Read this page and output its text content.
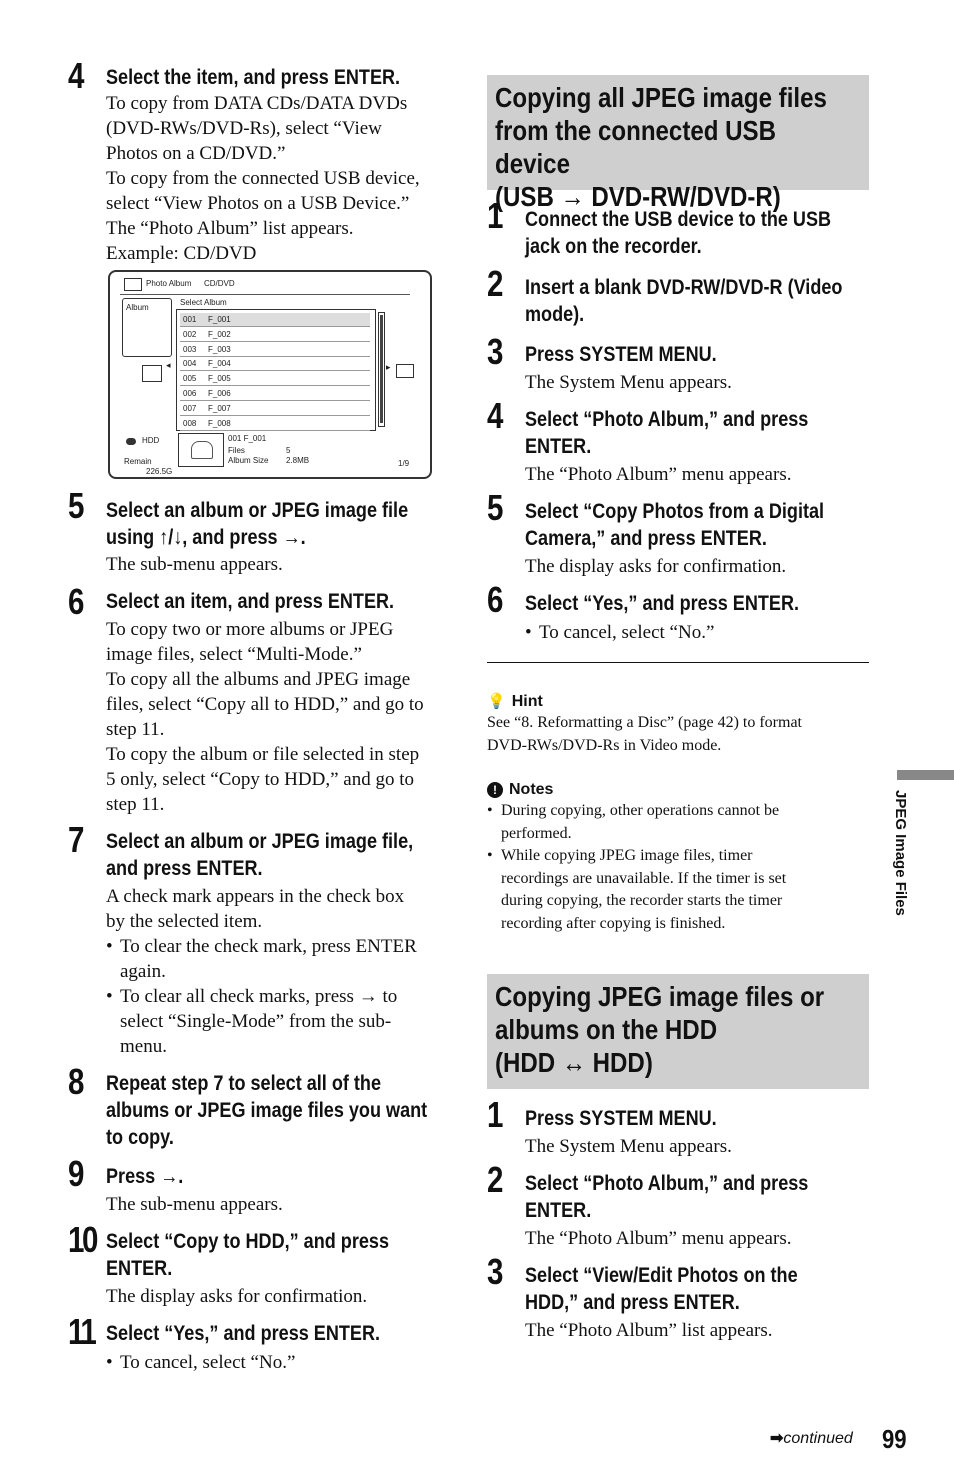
4 Select the item, and press ENTER.
To copy from DATA CDs/DATA DVDs
(DVD-RWs/DVD-Rs), select “View
Photos on a CD/DVD.”
To copy from the connected USB device,
select “View Photos on a USB Device.”
The “Photo Album” list appears.
Example: CD/DVD
5 Select an album or JPEG image file
using ↑/↓, and press →.
The sub-menu appears.
6 Select an item, and press ENTER.
To copy two or more albums or JPEG
image files, select “Multi-Mode.”
To copy all the albums and JPEG image
files, select “Copy all to HDD,” and go to
step 11.
To copy the album or file selected in step
5 only, select “Copy to HDD,” and go to
step 11.
7 Select an album or JPEG image file,
and press ENTER.
A check mark appears in the check box
by the selected item.
• To clear the check mark, press ENTER
again.
• To clear all check marks, press → to
select “Single-Mode” from the sub-
menu.
8 Repeat step 7 to select all of the
albums or JPEG image files you want
to copy.
9 Press →.
The sub-menu appears.
10 Select “Copy to HDD,” and press
ENTER.
The display asks for confirmation.
11 Select “Yes,” and press ENTER.
• To cancel, select “No.”
Photo Album CD/DVD
Album
Select Album
001 F_001
002 F_002
003 F_003
004 F_004
005 F_005
006 F_006
007 F_007
008 F_008
◂	▸
HDD
Remain
226.5G
001 F_001
Files	5
Album Size 2.8MB	1/9
Copying all JPEG image files
from the connected USB device
(USB → DVD-RW/DVD-R)
1 Connect the USB device to the USB
jack on the recorder.
2 Insert a blank DVD-RW/DVD-R (Video
mode).
3 Press SYSTEM MENU.
The System Menu appears.
4 Select “Photo Album,” and press
ENTER.
The “Photo Album” menu appears.
5 Select “Copy Photos from a Digital
Camera,” and press ENTER.
The display asks for confirmation.
6 Select “Yes,” and press ENTER.
• To cancel, select “No.”
💡 Hint
See “8. Reformatting a Disc” (page 42) to format
DVD-RWs/DVD-Rs in Video mode.
! Notes
• During copying, other operations cannot be
performed.
• While copying JPEG image files, timer
recordings are unavailable. If the timer is set
during copying, the recorder starts the timer
recording after copying is finished.
Copying JPEG image files or
albums on the HDD
(HDD ↔ HDD)
1 Press SYSTEM MENU.
The System Menu appears.
2 Select “Photo Album,” and press
ENTER.
The “Photo Album” menu appears.
3 Select “View/Edit Photos on the
HDD,” and press ENTER.
The “Photo Album” list appears.
JPEG Image Files
➡continued 99
